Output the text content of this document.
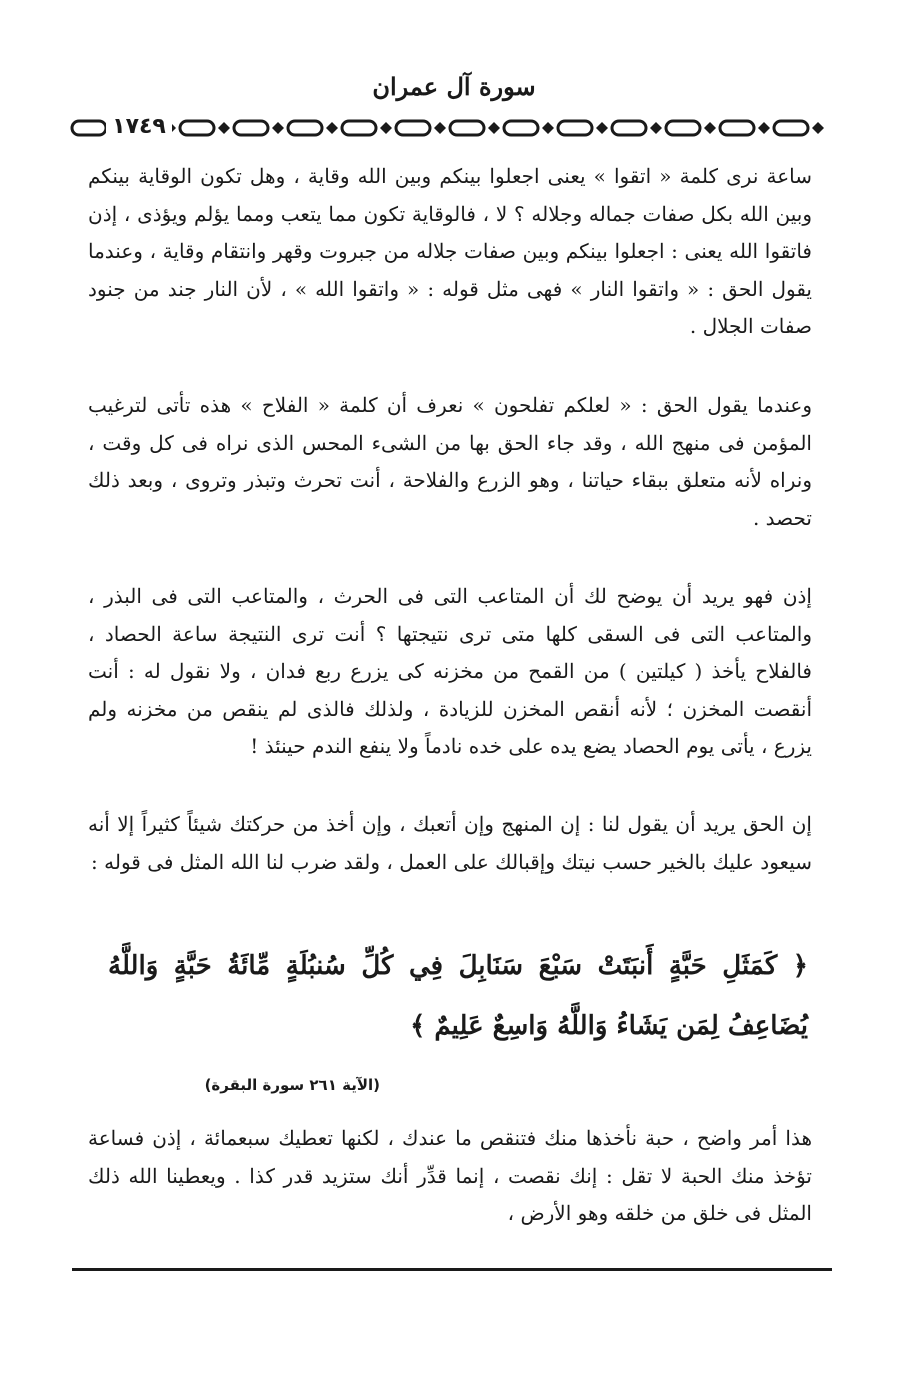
سورة آل عمران
١٧٤٩

ساعة نرى كلمة « اتقوا » يعنى اجعلوا بينكم وبين الله وقاية ، وهل تكون الوقاية بينكم وبين الله بكل صفات جماله وجلاله ؟ لا ، فالوقاية تكون مما يتعب ومما يؤلم ويؤذى ، إذن فاتقوا الله يعنى : اجعلوا بينكم وبين صفات جلاله من جبروت وقهر وانتقام وقاية ، وعندما يقول الحق : « واتقوا النار » فهى مثل قوله : « واتقوا الله » ، لأن النار جند من جنود صفات الجلال .

وعندما يقول الحق : « لعلكم تفلحون » نعرف أن كلمة « الفلاح » هذه تأتى لترغيب المؤمن فى منهج الله ، وقد جاء الحق بها من الشىء المحس الذى نراه فى كل وقت ، ونراه لأنه متعلق ببقاء حياتنا ، وهو الزرع والفلاحة ، أنت تحرث وتبذر وتروى ، وبعد ذلك تحصد .

إذن فهو يريد أن يوضح لك أن المتاعب التى فى الحرث ، والمتاعب التى فى البذر ، والمتاعب التى فى السقى كلها متى ترى نتيجتها ؟ أنت ترى النتيجة ساعة الحصاد ، فالفلاح يأخذ ( كيلتين ) من القمح من مخزنه كى يزرع ربع فدان ، ولا نقول له : أنت أنقصت المخزن ؛ لأنه أنقص المخزن للزيادة ، ولذلك فالذى لم ينقص من مخزنه ولم يزرع ، يأتى يوم الحصاد يضع يده على خده نادماً ولا ينفع الندم حينئذ !

إن الحق يريد أن يقول لنا : إن المنهج وإن أتعبك ، وإن أخذ من حركتك شيئاً كثيراً إلا أنه سيعود عليك بالخير حسب نيتك وإقبالك على العمل ، ولقد ضرب لنا الله المثل فى قوله :

﴿ كَمَثَلِ حَبَّةٍ أَنبَتَتْ سَبْعَ سَنَابِلَ فِي كُلِّ سُنبُلَةٍ مِّائَةُ حَبَّةٍ وَاللَّهُ يُضَاعِفُ لِمَن يَشَاءُ وَاللَّهُ وَاسِعٌ عَلِيمٌ ﴾
(الآية ٢٦١ سورة البقرة)

هذا أمر واضح ، حبة نأخذها منك فتنقص ما عندك ، لكنها تعطيك سبعمائة ، إذن فساعة تؤخذ منك الحبة لا تقل : إنك نقصت ، إنما قدِّر أنك ستزيد قدر كذا . ويعطينا الله ذلك المثل فى خلق من خلقه وهو الأرض ،
